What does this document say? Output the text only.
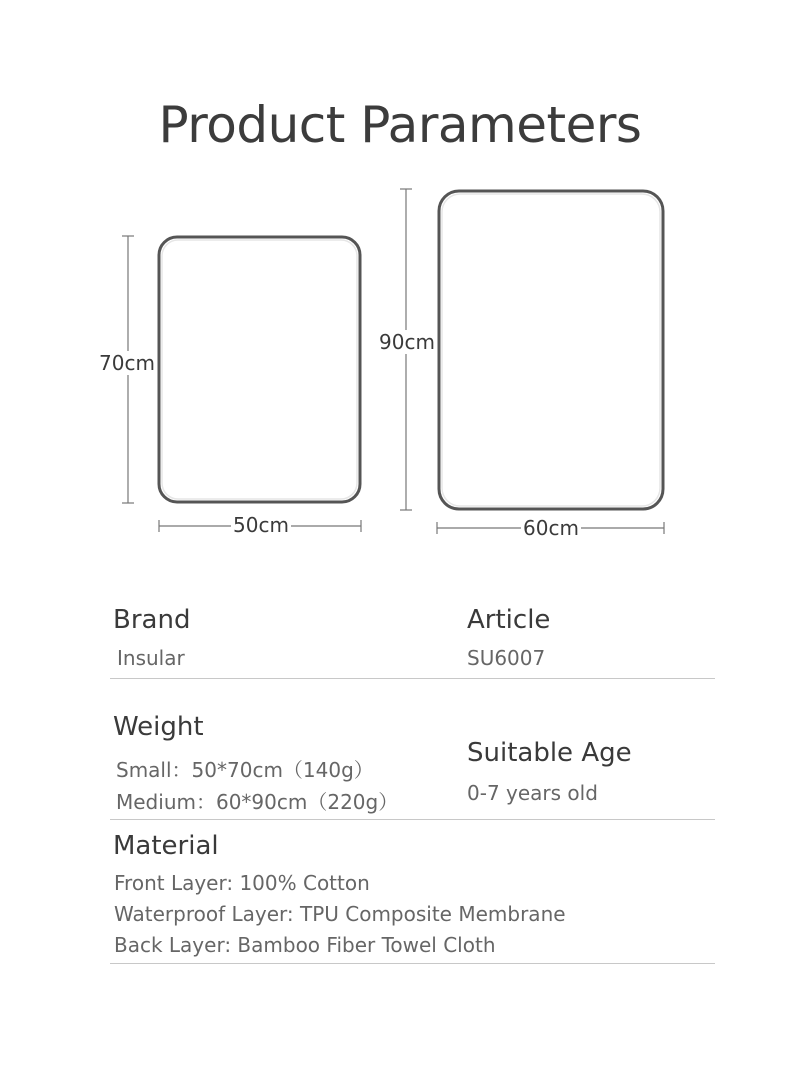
Product Parameters
70cm
50cm
90cm
60cm
Brand
Insular
Article
SU6007
Weight
Small：50*70cm（140g）
Medium：60*90cm（220g）
Suitable Age
0-7 years old
Material
Front Layer: 100% Cotton
Waterproof Layer: TPU Composite Membrane
Back Layer: Bamboo Fiber Towel Cloth
